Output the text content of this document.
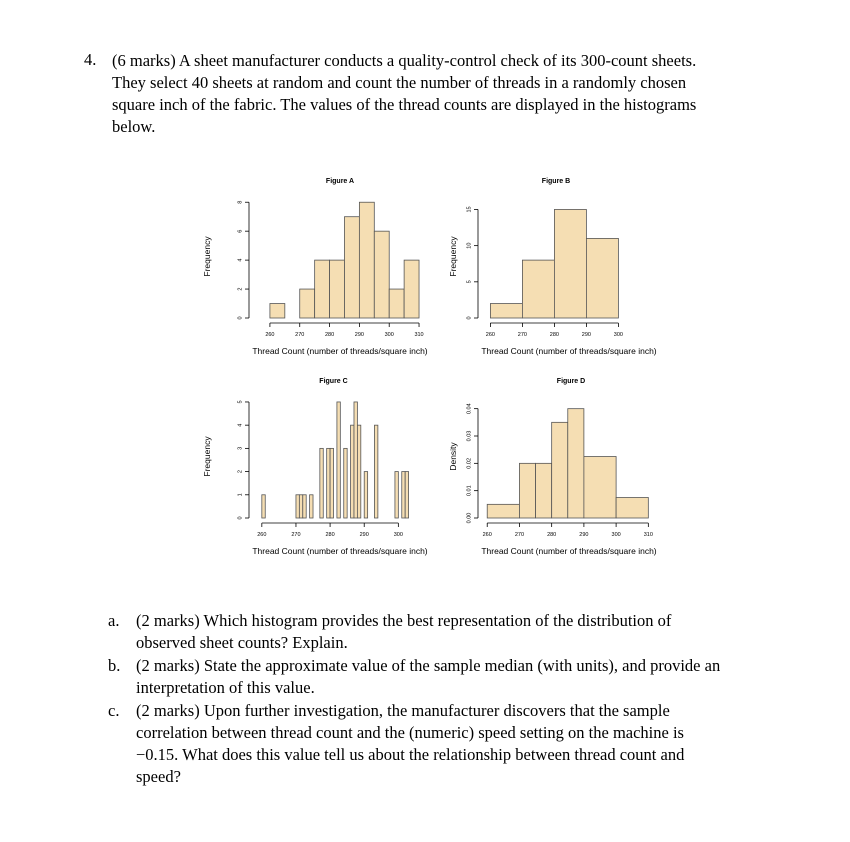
4. (6 marks) A sheet manufacturer conducts a quality-control check of its 300-count sheets.
They select 40 sheets at random and count the number of threads in a randomly chosen
square inch of the fabric. The values of the thread counts are displayed in the histograms
below.
Figure A
260	270	280	290	300	310
Thread Count (number of threads/square inch)
0
2
4
6
8
Frequency
Figure B
260	270	280	290	300
Thread Count (number of threads/square inch)
0
5
10
15
Frequency
Figure C
260	270	280	290	300
Thread Count (number of threads/square inch)
0
1
2
3
4
5
Frequency
Figure D
260	270	280	290	300	310
Thread Count (number of threads/square inch)
0.00
0.01
0.02
0.03
0.04
Density
a. (2 marks) Which histogram provides the best representation of the distribution of
observed sheet counts? Explain.
b. (2 marks) State the approximate value of the sample median (with units), and provide an
interpretation of this value.
c. (2 marks) Upon further investigation, the manufacturer discovers that the sample
correlation between thread count and the (numeric) speed setting on the machine is
−0.15. What does this value tell us about the relationship between thread count and
speed?
